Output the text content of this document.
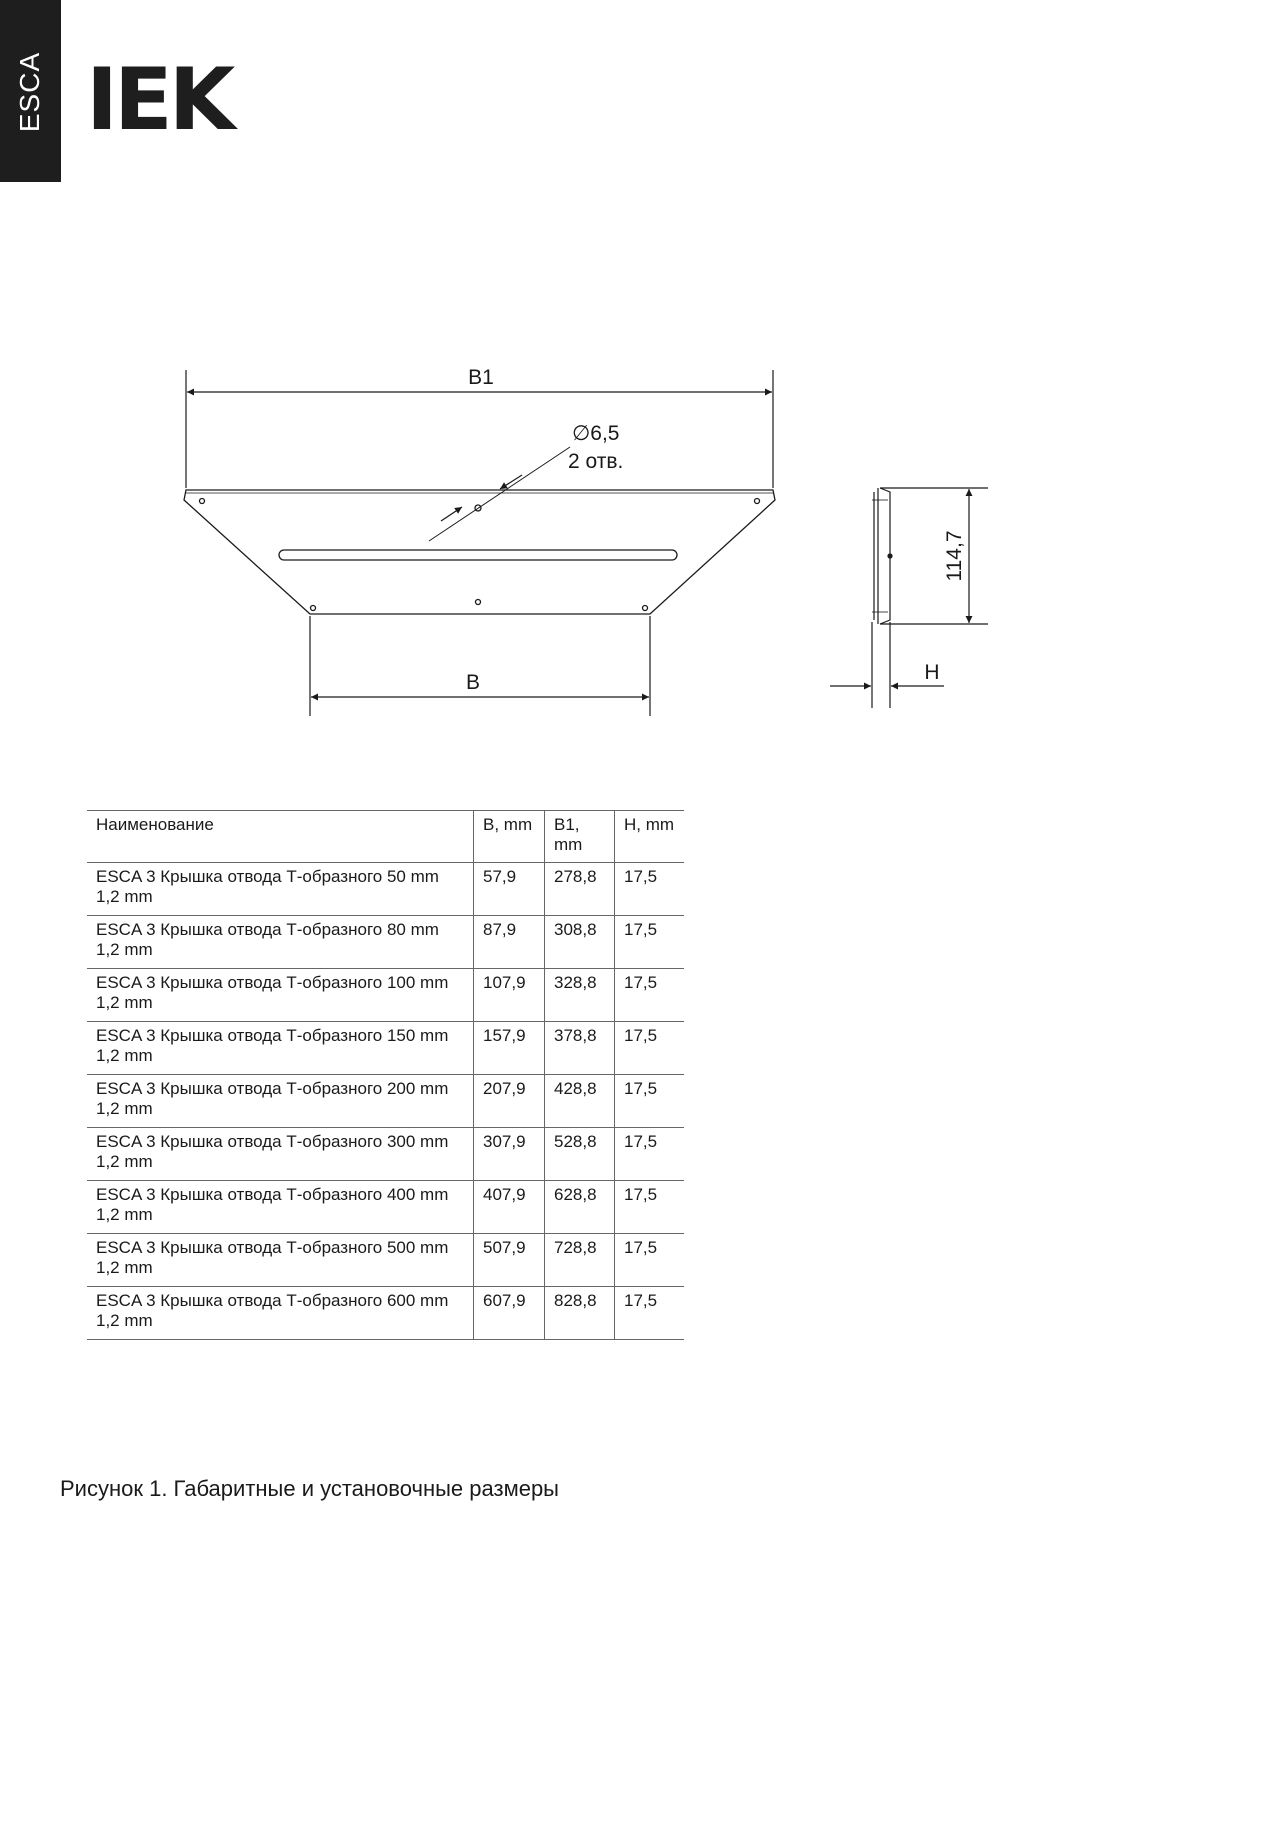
ESCA IEK
B1
B
∅6,5
2 отв.
114,7
H
Наименование	B, mm	B1, mm	H, mm
ESCA 3 Крышка отвода Т-образного 50 mm 1,2 mm	57,9	278,8	17,5
ESCA 3 Крышка отвода Т-образного 80 mm 1,2 mm	87,9	308,8	17,5
ESCA 3 Крышка отвода Т-образного 100 mm 1,2 mm	107,9	328,8	17,5
ESCA 3 Крышка отвода Т-образного 150 mm 1,2 mm	157,9	378,8	17,5
ESCA 3 Крышка отвода Т-образного 200 mm 1,2 mm	207,9	428,8	17,5
ESCA 3 Крышка отвода Т-образного 300 mm 1,2 mm	307,9	528,8	17,5
ESCA 3 Крышка отвода Т-образного 400 mm 1,2 mm	407,9	628,8	17,5
ESCA 3 Крышка отвода Т-образного 500 mm 1,2 mm	507,9	728,8	17,5
ESCA 3 Крышка отвода Т-образного 600 mm 1,2 mm	607,9	828,8	17,5
Рисунок 1. Габаритные и установочные размеры
